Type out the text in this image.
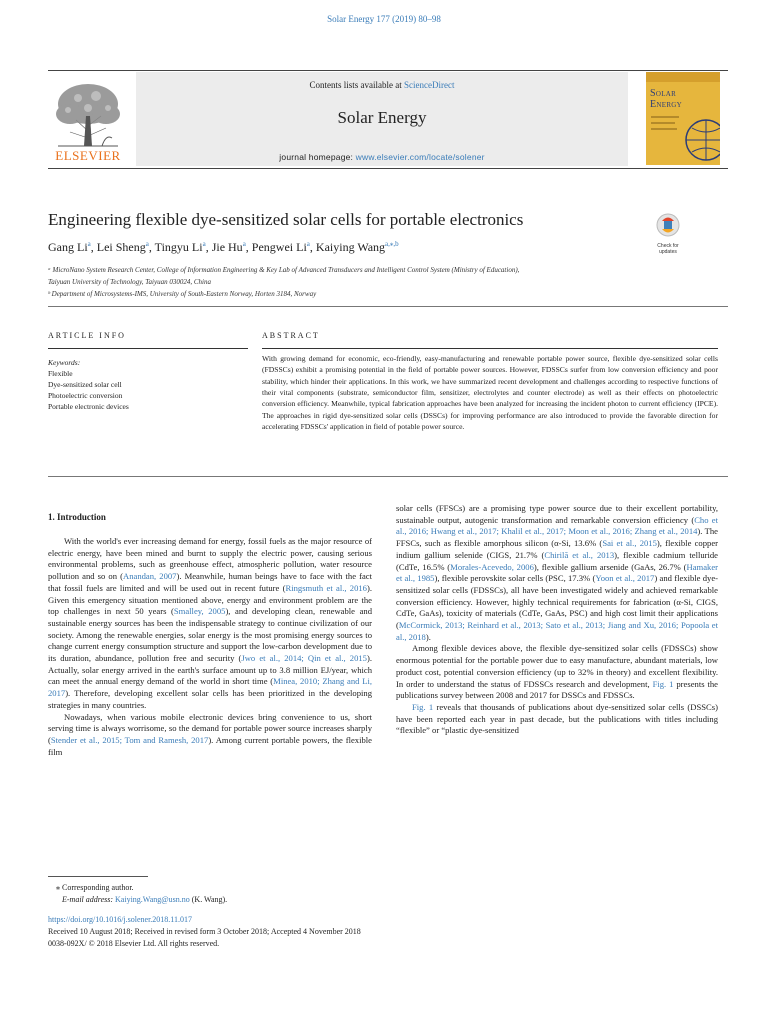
Solar Energy 177 (2019) 80–98
Contents lists available at ScienceDirect
Solar Energy
journal homepage: www.elsevier.com/locate/solener
ELSEVIER
Solar
Energy
Engineering flexible dye-sensitized solar cells for portable electronics
Check for updates
Gang Li$^a$, Lei Sheng$^a$, Tingyu Li$^a$, Jie Hu$^a$, Pengwei Li$^a$, Kaiying Wang$^{a,⁎,b}$
ᵃ MicroNano System Research Center, College of Information Engineering & Key Lab of Advanced Transducers and Intelligent Control System (Ministry of Education),
Taiyuan University of Technology, Taiyuan 030024, China
ᵇ Department of Microsystems-IMS, University of South-Eastern Norway, Horten 3184, Norway
ARTICLE INFO
Keywords:
Flexible
Dye-sensitized solar cell
Photoelectric conversion
Portable electronic devices
ABSTRACT
With growing demand for economic, eco-friendly, easy-manufacturing and renewable portable power source, flexible dye-sensitized solar cells (FDSSCs) exhibit a promising potential in the field of portable power sources. However, FDSSCs surfer from low conversion efficiency and poor stability, which hinder their applications. In this work, we have summarized recent development and challenges according to respective functions of their vital components (substrate, semiconductor film, sensitizer, electrolytes and counter electrode) as well as their effects on photoelectric conversion efficiency. Meanwhile, typical fabrication approaches have been analyzed for increasing the incident photon to current efficiency (IPCE). The approaches in rigid dye-sensitized solar cells (DSSCs) for improving performance are also introduced to provide the favorable direction for accelerating FDSSCs' application in field of potable power source.
1. Introduction
With the world's ever increasing demand for energy, fossil fuels as the major resource of electric energy, have been mined and burnt to supply the electric power, causing serious environmental problems, such as greenhouse effect, atmospheric pollution, water resource pollution and so on (Anandan, 2007). Meanwhile, human beings have to face with the fact that fossil fuels are limited and will be used out in recent future (Ringsmuth et al., 2016). Given this emergency situation mentioned above, energy and environment problem are the top challenges in next 50 years (Smalley, 2005), and developing clean, renewable and sustainable energy sources has been the indispensable strategy to continue civilization of our society. Among the renewable energies, solar energy is the most promising energy sources to change current energy consumption structure and support the low-carbon development due to its duration, abundance, pollution free and security (Jwo et al., 2014; Qin et al., 2015). Actually, solar energy arrived in the earth's surface amount up to 3.8 million EJ/year, which can meet the annual energy demand of the world in short time (Minea, 2010; Zhang and Li, 2017). Therefore, developing excellent solar cells has been prioritized in the developing strategies in many countries.
Nowadays, when various mobile electronic devices bring convenience to us, short serving time is always worrisome, so the demand for portable power source increases sharply (Stender et al., 2015; Tom and Ramesh, 2017). Among current portable powers, the flexible film
solar cells (FFSCs) are a promising type power source due to their excellent portability, sustainable output, autogenic transformation and remarkable conversion efficiency (Cho et al., 2016; Hwang et al., 2017; Khalil et al., 2017; Moon et al., 2016; Zhang et al., 2014). The FFSCs, such as flexible amorphous silicon (α-Si, 13.6% (Sai et al., 2015), flexible copper indium gallium selenide (CIGS, 21.7% (Chirilă et al., 2013), flexible cadmium telluride (CdTe, 16.5% (Morales-Acevedo, 2006), flexible gallium arsenide (GaAs, 26.7% (Hamaker et al., 1985), flexible perovskite solar cells (PSC, 17.3% (Yoon et al., 2017) and flexible dye-sensitized solar cells (FDSSCs), all have been investigated widely and achieved remarkable conversion efficiency. However, highly technical requirements for fabrication (α-Si, CIGS, CdTe, GaAs), toxicity of materials (CdTe, GaAs, PSC) and high cost limit their applications (McCormick, 2013; Reinhard et al., 2013; Sato et al., 2013; Jiang and Xu, 2016; Popoola et al., 2018).
Among flexible devices above, the flexible dye-sensitized solar cells (FDSSCs) show enormous potential for the portable power due to easy manufacture, abundant materials, low product cost, potential conversion efficiency (up to 32% in theory) and excellent flexibility. In order to understand the status of FDSSCs research and development, Fig. 1 presents the publications survey between 2008 and 2017 for DSSCs and FDSSCs.
Fig. 1 reveals that thousands of publications about dye-sensitized solar cells (DSSCs) have been reported each year in past decade, but the publications with titles including “flexible” or “plastic dye-sensitized
⁎ Corresponding author.
E-mail address: Kaiying.Wang@usn.no (K. Wang).
https://doi.org/10.1016/j.solener.2018.11.017
Received 10 August 2018; Received in revised form 3 October 2018; Accepted 4 November 2018
0038-092X/ © 2018 Elsevier Ltd. All rights reserved.
